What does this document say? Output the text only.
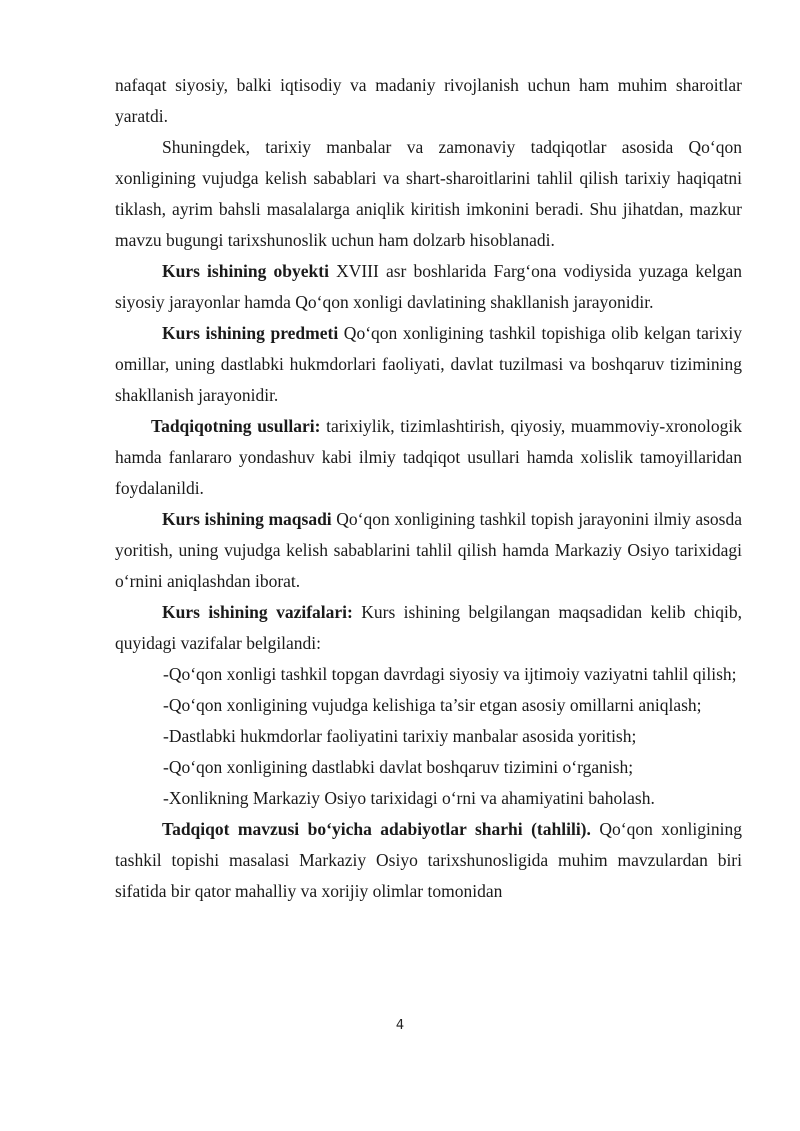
nafaqat siyosiy, balki iqtisodiy va madaniy rivojlanish uchun ham muhim sharoitlar yaratdi.

Shuningdek, tarixiy manbalar va zamonaviy tadqiqotlar asosida Qo‘qon xonligining vujudga kelish sabablari va shart-sharoitlarini tahlil qilish tarixiy haqiqatni tiklash, ayrim bahsli masalalarga aniqlik kiritish imkonini beradi. Shu jihatdan, mazkur mavzu bugungi tarixshunoslik uchun ham dolzarb hisoblanadi.

Kurs ishining obyekti XVIII asr boshlarida Farg‘ona vodiysida yuzaga kelgan siyosiy jarayonlar hamda Qo‘qon xonligi davlatining shakllanish jarayonidir.

Kurs ishining predmeti Qo‘qon xonligining tashkil topishiga olib kelgan tarixiy omillar, uning dastlabki hukmdorlari faoliyati, davlat tuzilmasi va boshqaruv tizimining shakllanish jarayonidir.

Tadqiqotning usullari: tarixiylik, tizimlashtirish, qiyosiy, muammoviy-xronologik hamda fanlararo yondashuv kabi ilmiy tadqiqot usullari hamda xolislik tamoyillaridan foydalanildi.

Kurs ishining maqsadi Qo‘qon xonligining tashkil topish jarayonini ilmiy asosda yoritish, uning vujudga kelish sabablarini tahlil qilish hamda Markaziy Osiyo tarixidagi o‘rnini aniqlashdan iborat.

Kurs ishining vazifalari: Kurs ishining belgilangan maqsadidan kelib chiqib, quyidagi vazifalar belgilandi:

-Qo‘qon xonligi tashkil topgan davrdagi siyosiy va ijtimoiy vaziyatni tahlil qilish;
-Qo‘qon xonligining vujudga kelishiga ta’sir etgan asosiy omillarni aniqlash;
-Dastlabki hukmdorlar faoliyatini tarixiy manbalar asosida yoritish;
-Qo‘qon xonligining dastlabki davlat boshqaruv tizimini o‘rganish;
-Xonlikning Markaziy Osiyo tarixidagi o‘rni va ahamiyatini baholash.

Tadqiqot mavzusi bo‘yicha adabiyotlar sharhi (tahlili). Qo‘qon xonligining tashkil topishi masalasi Markaziy Osiyo tarixshunosligida muhim mavzulardan biri sifatida bir qator mahalliy va xorijiy olimlar tomonidan

4
